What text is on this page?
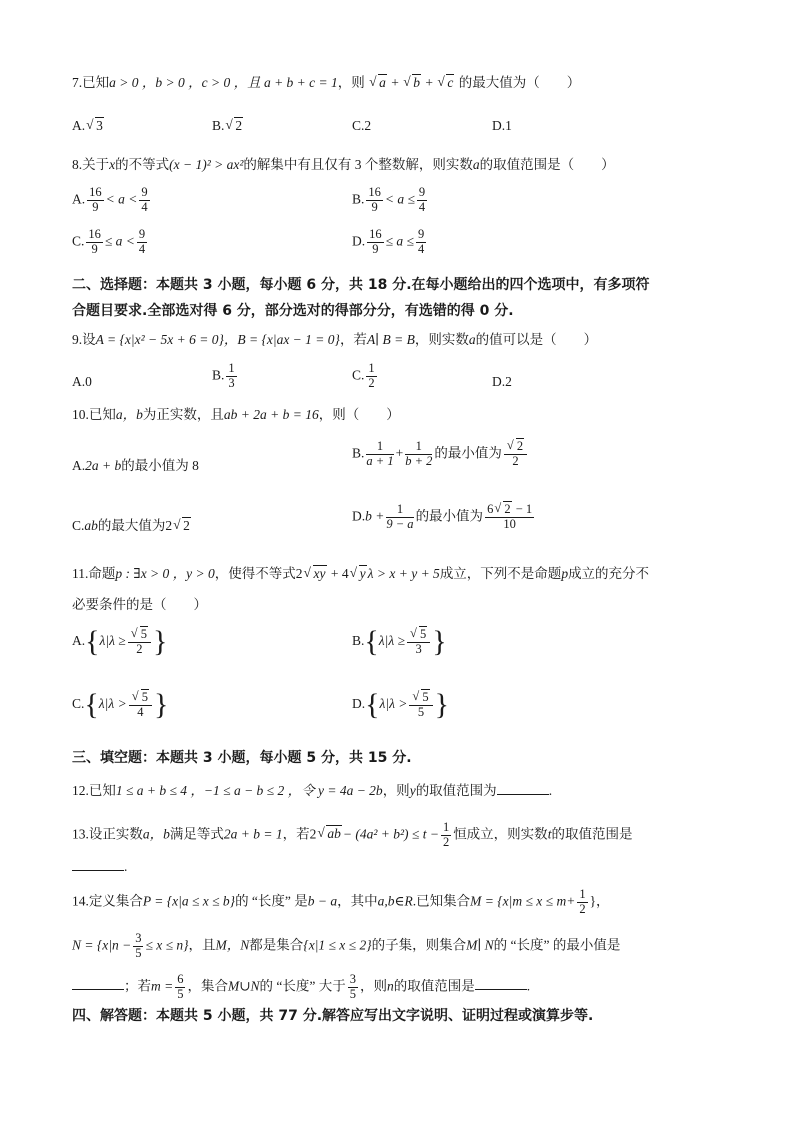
7.已知a > 0 ，b > 0 ，c > 0 ，且 a + b + c = 1，则 √ a + √ b + √ c 的最大值为（　　）
A. √ 3	B. √ 2	C.2	D.1
8.关于x的不等式(x − 1)² > ax²的解集中有且仅有 3 个整数解，则实数a的取值范围是（　　）
A. $\frac{16}{9} < a < \frac{9}{4}$	B. $\frac{16}{9} < a \le \frac{9}{4}$
C. $\frac{16}{9} \le a < \frac{9}{4}$	D. $\frac{16}{9} \le a \le \frac{9}{4}$
二、选择题：本题共 3 小题，每小题 6 分，共 18 分.在每小题给出的四个选项中，有多项符
合题目要求.全部选对得 6 分，部分选对的得部分分，有选错的得 0 分.
9.设A = {x|x² − 5x + 6 = 0}，B = {x|ax − 1 = 0}，若A∣ B = B，则实数a的值可以是（　　）
A.0	B. $\frac{1}{3}$	C. $\frac{1}{2}$	D.2
10.已知a，b为正实数，且ab + 2a + b = 16，则（　　）
A.2a + b的最小值为 8
B. $\frac{1}{a + 1} + \frac{1}{b + 2}$ 的最小值为 √ $\frac{2}{2}$
C.ab的最大值为2 √ 2
$D.b + \frac{1}{9 - a}$ 的最小值为 $\frac{6 √ 2 - 1}{10}$
11.命题p : ∃x > 0 ，y > 0，使得不等式2 √ xy + 4 √ y λ > x + y + 5成立，下列不是命题p成立的充分不
必要条件的是（　　）
A.{λ|λ ≥ √ $\frac{5}{2}$ }	B.{λ|λ ≥ √ $\frac{5}{3}$ }
C.{λ|λ > √ $\frac{5}{4}$ }	D.{λ|λ > √ $\frac{5}{5}$ }
三、填空题：本题共 3 小题，每小题 5 分，共 15 分.
12.已知1 ≤ a + b ≤ 4 ，−1 ≤ a − b ≤ 2 ，令 y = 4a − 2b，则y的取值范围为	.
13.设正实数a，b满足等式2a + b = 1，若2 √ ab − $(4a^2 + b^2) \le t - \frac{1}{2}$ 恒成立，则实数t的取值范围是
.
14.定义集合P = {x|a ≤ x ≤ b}的 “长度” 是b − a，其中a,b∈R.已知集合$M = \{x|m \le x \le m+ \frac{1}{2}$ }，
$N = \{x|n - \frac{3}{5} \le x \le n\}$，且M，N都是集合{x|1 ≤ x ≤ 2}的子集，则集合M∣ N的 “长度” 的最小值是
；若$m = \frac{6}{5}$ ，集合M∪N的 “长度” 大于 $\frac{3}{5}$ ，则n的取值范围是	.
四、解答题：本题共 5 小题，共 77 分.解答应写出文字说明、证明过程或演算步等.
